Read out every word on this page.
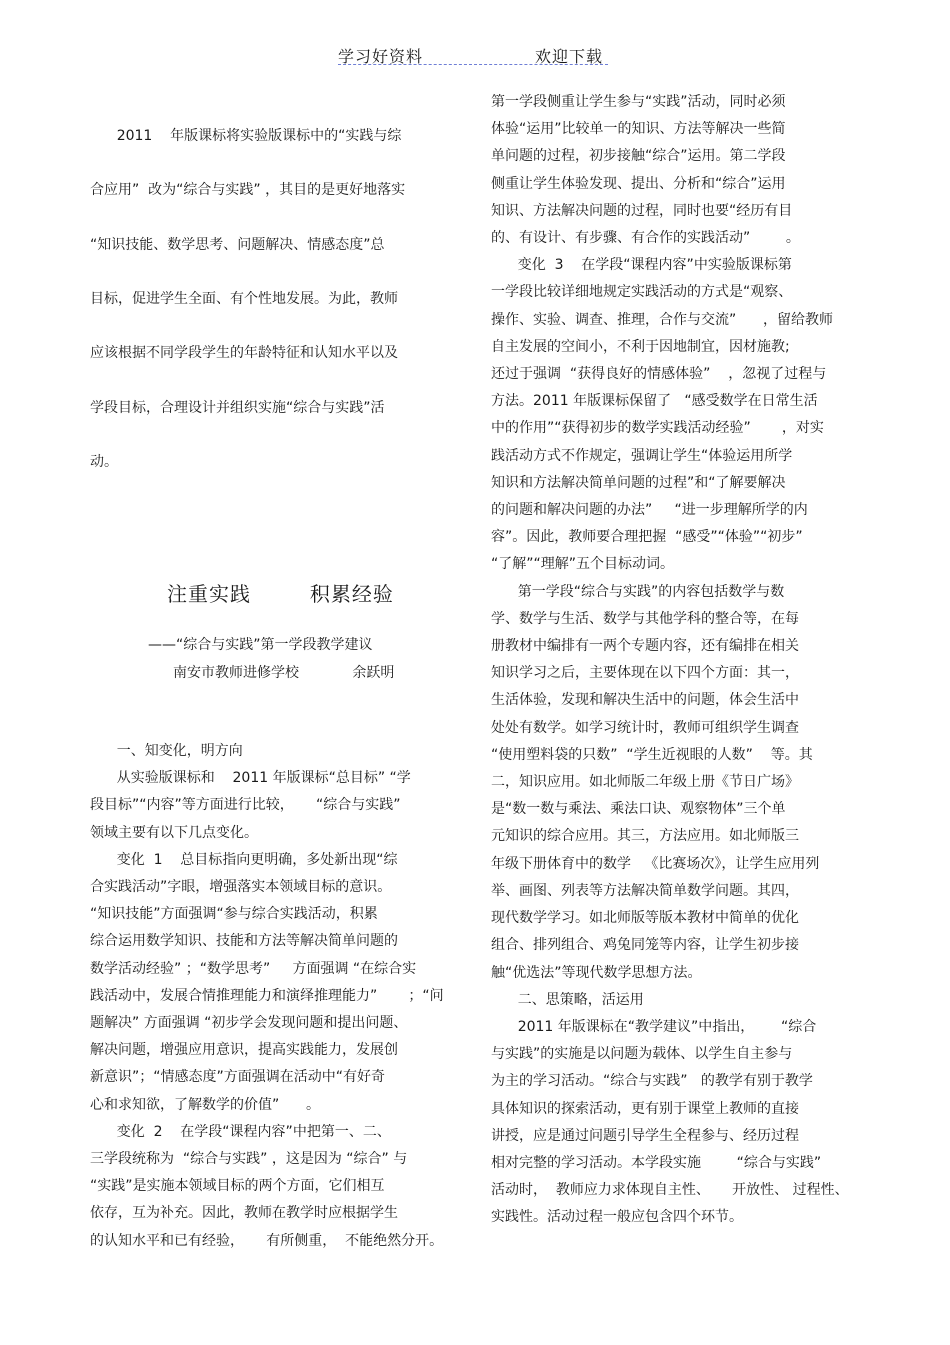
学习好资料	欢迎下载
2011    年版课标将实验版课标中的“实践与综
合应用”  改为“综合与实践” ，其目的是更好地落实
“知识技能、数学思考、问题解决、情感态度”总
目标，促进学生全面、有个性地发展。为此，教师
应该根据不同学段学生的年龄特征和认知水平以及
学段目标，合理设计并组织实施“综合与实践”活
动。
注重实践        积累经验
——“综合与实践”第一学段教学建议
南安市教师进修学校            余跃明
一、知变化，明方向
从实验版课标和    2011 年版课标“总目标” “学
段目标”“内容”等方面进行比较，     “综合与实践”
领域主要有以下几点变化。
变化  1    总目标指向更明确，多处新出现“综
合实践活动”字眼，增强落实本领域目标的意识。
“知识技能”方面强调“参与综合实践活动，积累
综合运用数学知识、技能和方法等解决简单问题的
数学活动经验” ；“数学思考”     方面强调 “在综合实
践活动中，发展合情推理能力和演绎推理能力”       ；“问
题解决” 方面强调 “初步学会发现问题和提出问题、
解决问题，增强应用意识，提高实践能力，发展创
新意识”；“情感态度”方面强调在活动中“有好奇
心和求知欲，了解数学的价值”      。
变化  2    在学段“课程内容”中把第一、二、
三学段统称为  “综合与实践” ，这是因为 “综合” 与
“实践”是实施本领域目标的两个方面，它们相互
依存，互为补充。因此，教师在教学时应根据学生
的认知水平和已有经验，     有所侧重，  不能绝然分开。
第一学段侧重让学生参与“实践”活动，同时必须
体验“运用”比较单一的知识、方法等解决一些简
单问题的过程，初步接触“综合”运用。第二学段
侧重让学生体验发现、提出、分析和“综合”运用
知识、方法解决问题的过程，同时也要“经历有目
的、有设计、有步骤、有合作的实践活动”        。
变化  3    在学段“课程内容”中实验版课标第
一学段比较详细地规定实践活动的方式是“观察、
操作、实验、调查、推理，合作与交流”      ，留给教师
自主发展的空间小，不利于因地制宜，因材施教;
还过于强调  “获得良好的情感体验”    ，忽视了过程与
方法。2011 年版课标保留了   “感受数学在日常生活
中的作用”“获得初步的数学实践活动经验”       ，对实
践活动方式不作规定，强调让学生“体验运用所学
知识和方法解决简单问题的过程”和“了解要解决
的问题和解决问题的办法”     “进一步理解所学的内
容”。因此，教师要合理把握  “感受”“体验”“初步”
“了解”“理解”五个目标动词。
第一学段“综合与实践”的内容包括数学与数
学、数学与生活、数学与其他学科的整合等，在每
册教材中编排有一两个专题内容，还有编排在相关
知识学习之后，主要体现在以下四个方面：其一，
生活体验，发现和解决生活中的问题，体会生活中
处处有数学。如学习统计时，教师可组织学生调查
“使用塑料袋的只数”  “学生近视眼的人数”    等。其
二，知识应用。如北师版二年级上册《节日广场》
是“数一数与乘法、乘法口诀、观察物体”三个单
元知识的综合应用。其三，方法应用。如北师版三
年级下册体育中的数学   《比赛场次》，让学生应用列
举、画图、列表等方法解决简单数学问题。其四，
现代数学学习。如北师版等版本教材中简单的优化
组合、排列组合、鸡兔同笼等内容，让学生初步接
触“优选法”等现代数学思想方法。
二、思策略，活运用
2011 年版课标在“教学建议”中指出，      “综合
与实践”的实施是以问题为载体、以学生自主参与
为主的学习活动。“综合与实践”   的教学有别于教学
具体知识的探索活动，更有别于课堂上教师的直接
讲授，应是通过问题引导学生全程参与、经历过程
相对完整的学习活动。本学段实施        “综合与实践”
活动时，  教师应力求体现自主性、     开放性、 过程性、
实践性。活动过程一般应包含四个环节。
